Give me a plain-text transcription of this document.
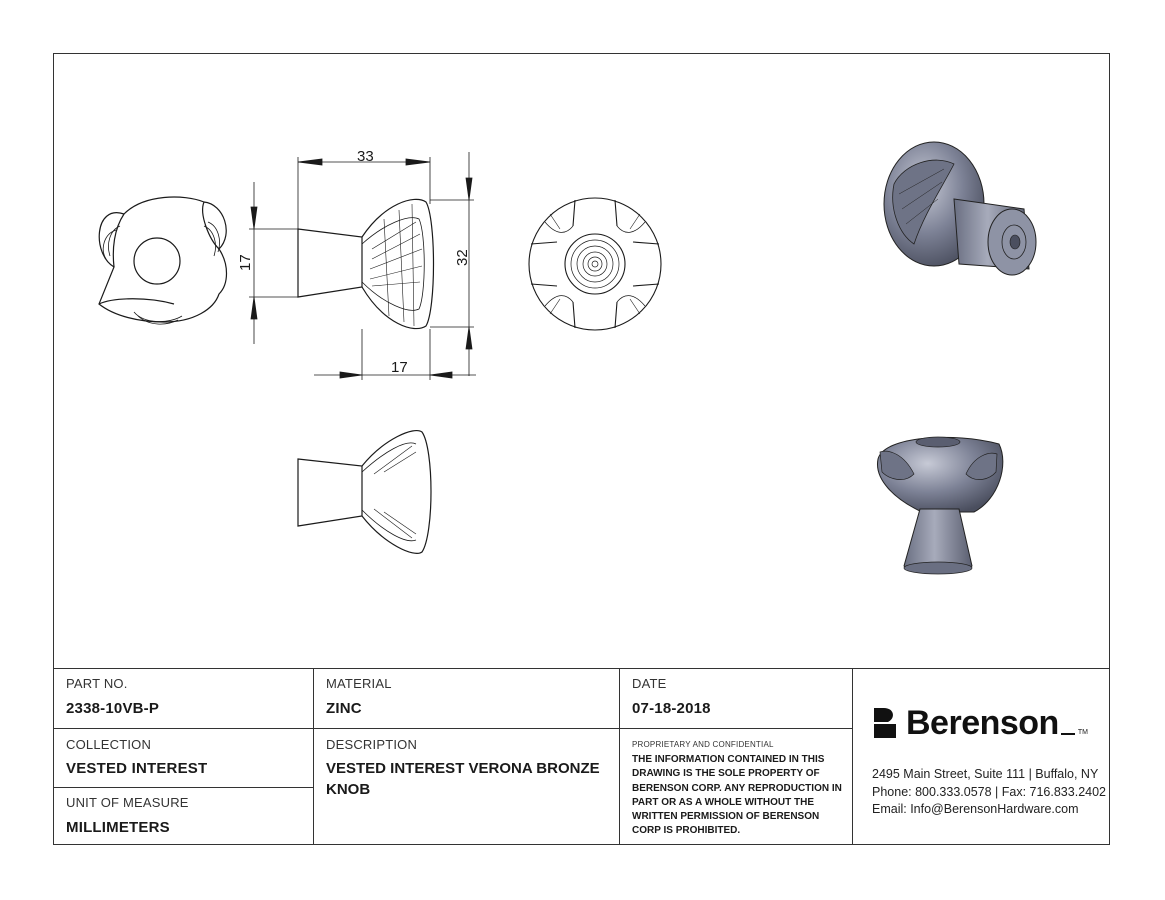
33
32
17
17
PART NO.
2338-10VB-P
MATERIAL
ZINC
DATE
07-18-2018
COLLECTION
VESTED INTEREST
UNIT OF MEASURE
MILLIMETERS
DESCRIPTION
VESTED INTEREST VERONA BRONZE KNOB
PROPRIETARY AND CONFIDENTIAL
THE INFORMATION CONTAINED IN THIS DRAWING IS THE SOLE PROPERTY OF BERENSON CORP. ANY REPRODUCTION IN PART OR AS A WHOLE WITHOUT THE WRITTEN PERMISSION OF BERENSON CORP IS PROHIBITED.
Berenson	TM
2495 Main Street, Suite 111 | Buffalo, NY
Phone: 800.333.0578 | Fax: 716.833.2402
Email: Info@BerensonHardware.com
